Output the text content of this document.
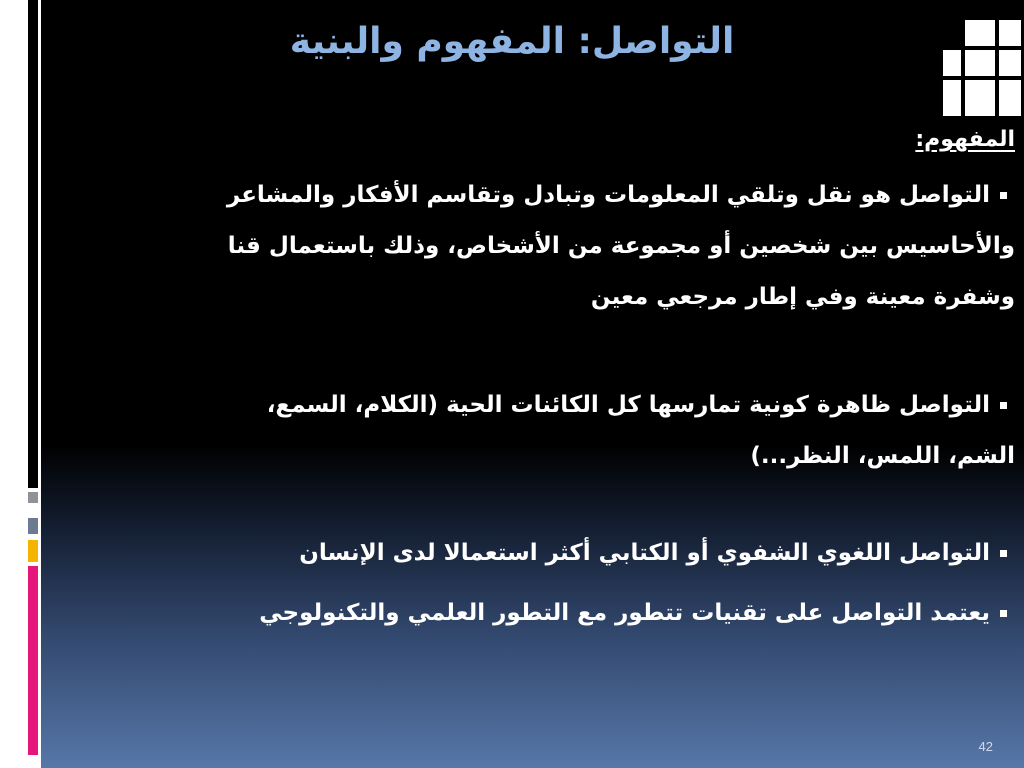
التواصل: المفهوم والبنية
المفهوم:
التواصل هو نقل وتلقي المعلومات وتبادل وتقاسم الأفكار والمشاعر
والأحاسيس بين شخصين أو مجموعة من الأشخاص، وذلك باستعمال قنا
وشفرة معينة وفي إطار مرجعي معين
التواصل ظاهرة كونية تمارسها كل الكائنات الحية (الكلام، السمع،
الشم، اللمس، النظر...)
التواصل اللغوي الشفوي أو الكتابي أكثر استعمالا لدى الإنسان
يعتمد التواصل على تقنيات تتطور مع التطور العلمي والتكنولوجي
42
